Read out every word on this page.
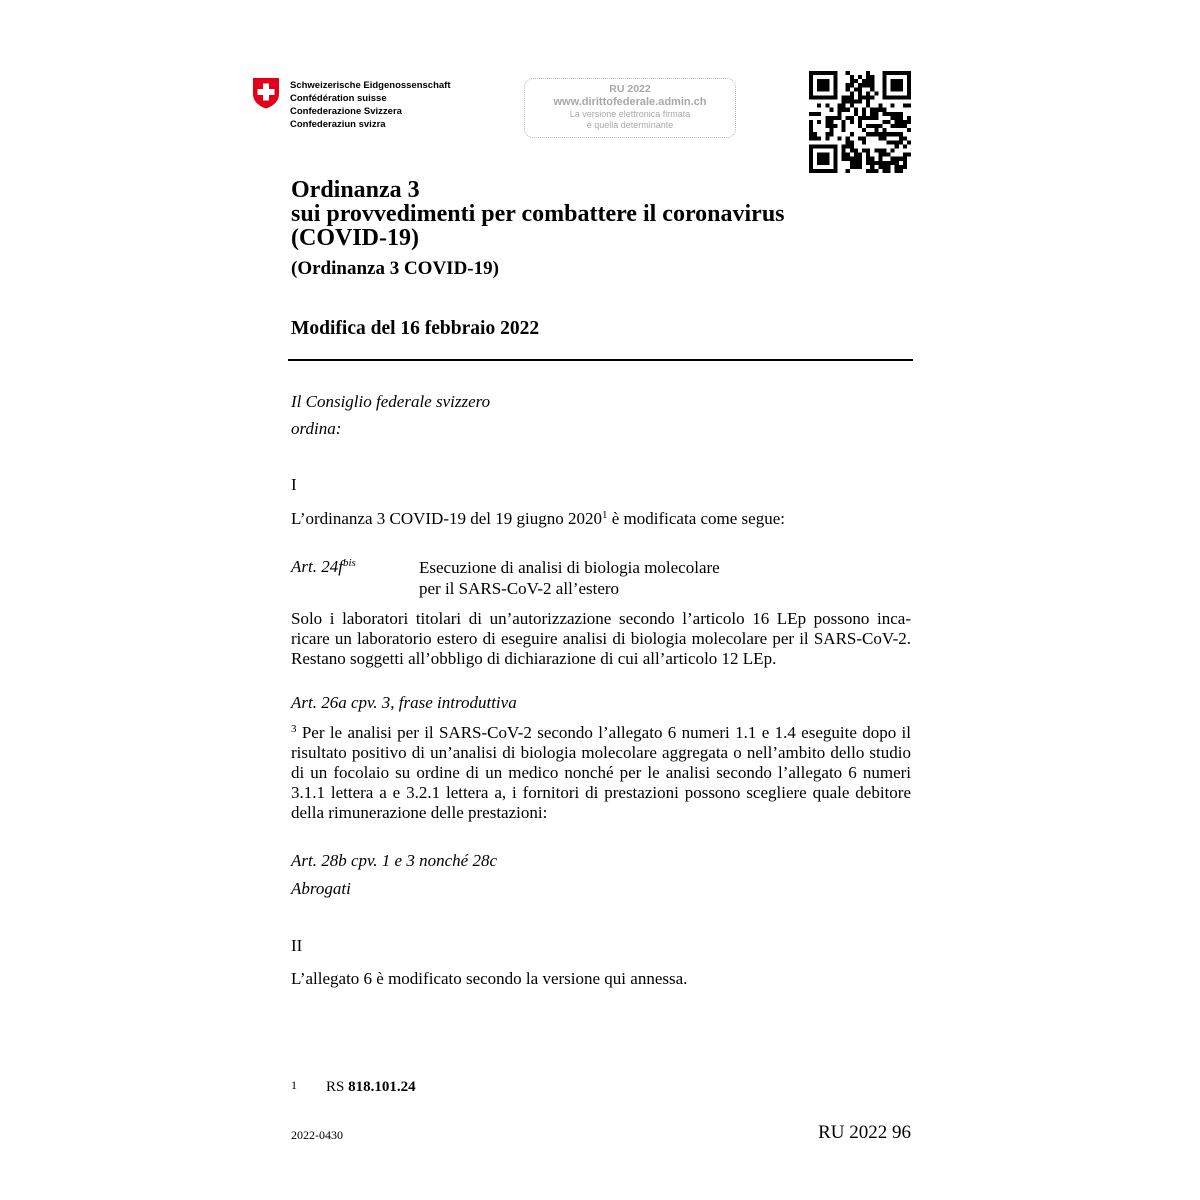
Schweizerische Eidgenossenschaft
Confédération suisse
Confederazione Svizzera
Confederaziun svizra
RU 2022
www.dirittofederale.admin.ch
La versione elettronica firmata
è quella determinante
Ordinanza 3
sui provvedimenti per combattere il coronavirus
(COVID-19)
(Ordinanza 3 COVID-19)
Modifica del 16 febbraio 2022
Il Consiglio federale svizzero
ordina:
I
L’ordinanza 3 COVID-19 del 19 giugno 2020$^1$ è modificata come segue:
Art. $24f^{bis}$	Esecuzione di analisi di biologia molecolare
per il SARS-CoV-2 all’estero
Solo i laboratori titolari di un’autorizzazione secondo l’articolo 16 LEp possono inca-ricare un laboratorio estero di eseguire analisi di biologia molecolare per il SARS-CoV-2. Restano soggetti all’obbligo di dichiarazione di cui all’articolo 12 LEp.
Art. 26a cpv. 3, frase introduttiva
$^3$ Per le analisi per il SARS-CoV-2 secondo l’allegato 6 numeri 1.1 e 1.4 eseguite dopo il risultato positivo di un’analisi di biologia molecolare aggregata o nell’ambito dello studio di un focolaio su ordine di un medico nonché per le analisi secondo l’allegato 6 numeri 3.1.1 lettera a e 3.2.1 lettera a, i fornitori di prestazioni possono scegliere quale debitore della rimunerazione delle prestazioni:
Art. 28b cpv. 1 e 3 nonché 28c
Abrogati
II
L’allegato 6 è modificato secondo la versione qui annessa.
1 RS 818.101.24
2022-0430	RU 2022 96
